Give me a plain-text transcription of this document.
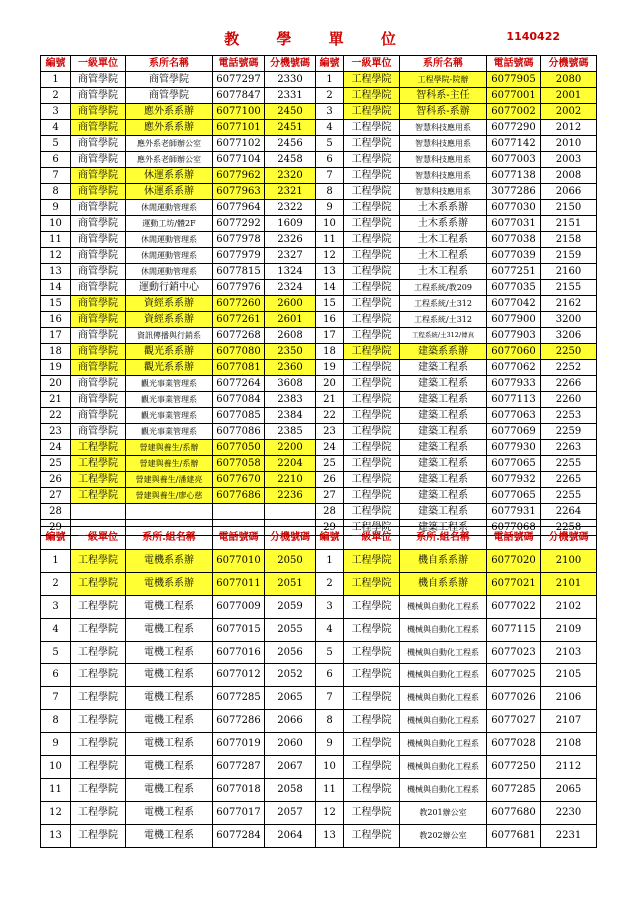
教 學 單 位	1140422
編號	一級單位	系所名稱	電話號碼	分機號碼	編號	一級單位	系所名稱	電話號碼	分機號碼
1	商管學院	商管學院	6077297	2330	1	工程學院	工程學院-院辦	6077905	2080
2	商管學院	商管學院	6077847	2331	2	工程學院	智科系-主任	6077001	2001
3	商管學院	應外系系辦	6077100	2450	3	工程學院	智科系-系辦	6077002	2002
4	商管學院	應外系系辦	6077101	2451	4	工程學院	智慧科技應用系	6077290	2012
5	商管學院	應外系老師辦公室	6077102	2456	5	工程學院	智慧科技應用系	6077142	2010
6	商管學院	應外系老師辦公室	6077104	2458	6	工程學院	智慧科技應用系	6077003	2003
7	商管學院	休運系系辦	6077962	2320	7	工程學院	智慧科技應用系	6077138	2008
8	商管學院	休運系系辦	6077963	2321	8	工程學院	智慧科技應用系	3077286	2066
9	商管學院	休閒運動管理系	6077964	2322	9	工程學院	土木系系辦	6077030	2150
10	商管學院	運動工坊/體2F	6077292	1609	10	工程學院	土木系系辦	6077031	2151
11	商管學院	休閒運動管理系	6077978	2326	11	工程學院	土木工程系	6077038	2158
12	商管學院	休閒運動管理系	6077979	2327	12	工程學院	土木工程系	6077039	2159
13	商管學院	休閒運動管理系	6077815	1324	13	工程學院	土木工程系	6077251	2160
14	商管學院	運動行銷中心	6077976	2324	14	工程學院	工程系統/教209	6077035	2155
15	商管學院	資經系系辦	6077260	2600	15	工程學院	工程系統/土312	6077042	2162
16	商管學院	資經系系辦	6077261	2601	16	工程學院	工程系統/土312	6077900	3200
17	商管學院	資訊傳播與行銷系	6077268	2608	17	工程學院	工程系統/土312/傳真	6077903	3206
18	商管學院	觀光系系辦	6077080	2350	18	工程學院	建築系系辦	6077060	2250
19	商管學院	觀光系系辦	6077081	2360	19	工程學院	建築工程系	6077062	2252
20	商管學院	觀光事業管理系	6077264	3608	20	工程學院	建築工程系	6077933	2266
21	商管學院	觀光事業管理系	6077084	2383	21	工程學院	建築工程系	6077113	2260
22	商管學院	觀光事業管理系	6077085	2384	22	工程學院	建築工程系	6077063	2253
23	商管學院	觀光事業管理系	6077086	2385	23	工程學院	建築工程系	6077069	2259
24	工程學院	營建與養生/系辦	6077050	2200	24	工程學院	建築工程系	6077930	2263
25	工程學院	營建與養生/系辦	6077058	2204	25	工程學院	建築工程系	6077065	2255
26	工程學院	營建與養生/潘建亮	6077670	2210	26	工程學院	建築工程系	6077932	2265
27	工程學院	營建與養生/廖心慈	6077686	2236	27	工程學院	建築工程系	6077065	2255
28					28	工程學院	建築工程系	6077931	2264
29					29	工程學院	建築工程系	6077068	2258
編號	一級單位	系所.組名稱	電話號碼	分機號碼	編號	一級單位	系所.組名稱	電話號碼	分機號碼
1	工程學院	電機系系辦	6077010	2050	1	工程學院	機自系系辦	6077020	2100
2	工程學院	電機系系辦	6077011	2051	2	工程學院	機自系系辦	6077021	2101
3	工程學院	電機工程系	6077009	2059	3	工程學院	機械與自動化工程系	6077022	2102
4	工程學院	電機工程系	6077015	2055	4	工程學院	機械與自動化工程系	6077115	2109
5	工程學院	電機工程系	6077016	2056	5	工程學院	機械與自動化工程系	6077023	2103
6	工程學院	電機工程系	6077012	2052	6	工程學院	機械與自動化工程系	6077025	2105
7	工程學院	電機工程系	6077285	2065	7	工程學院	機械與自動化工程系	6077026	2106
8	工程學院	電機工程系	6077286	2066	8	工程學院	機械與自動化工程系	6077027	2107
9	工程學院	電機工程系	6077019	2060	9	工程學院	機械與自動化工程系	6077028	2108
10	工程學院	電機工程系	6077287	2067	10	工程學院	機械與自動化工程系	6077250	2112
11	工程學院	電機工程系	6077018	2058	11	工程學院	機械與自動化工程系	6077285	2065
12	工程學院	電機工程系	6077017	2057	12	工程學院	教201辦公室	6077680	2230
13	工程學院	電機工程系	6077284	2064	13	工程學院	教202辦公室	6077681	2231
